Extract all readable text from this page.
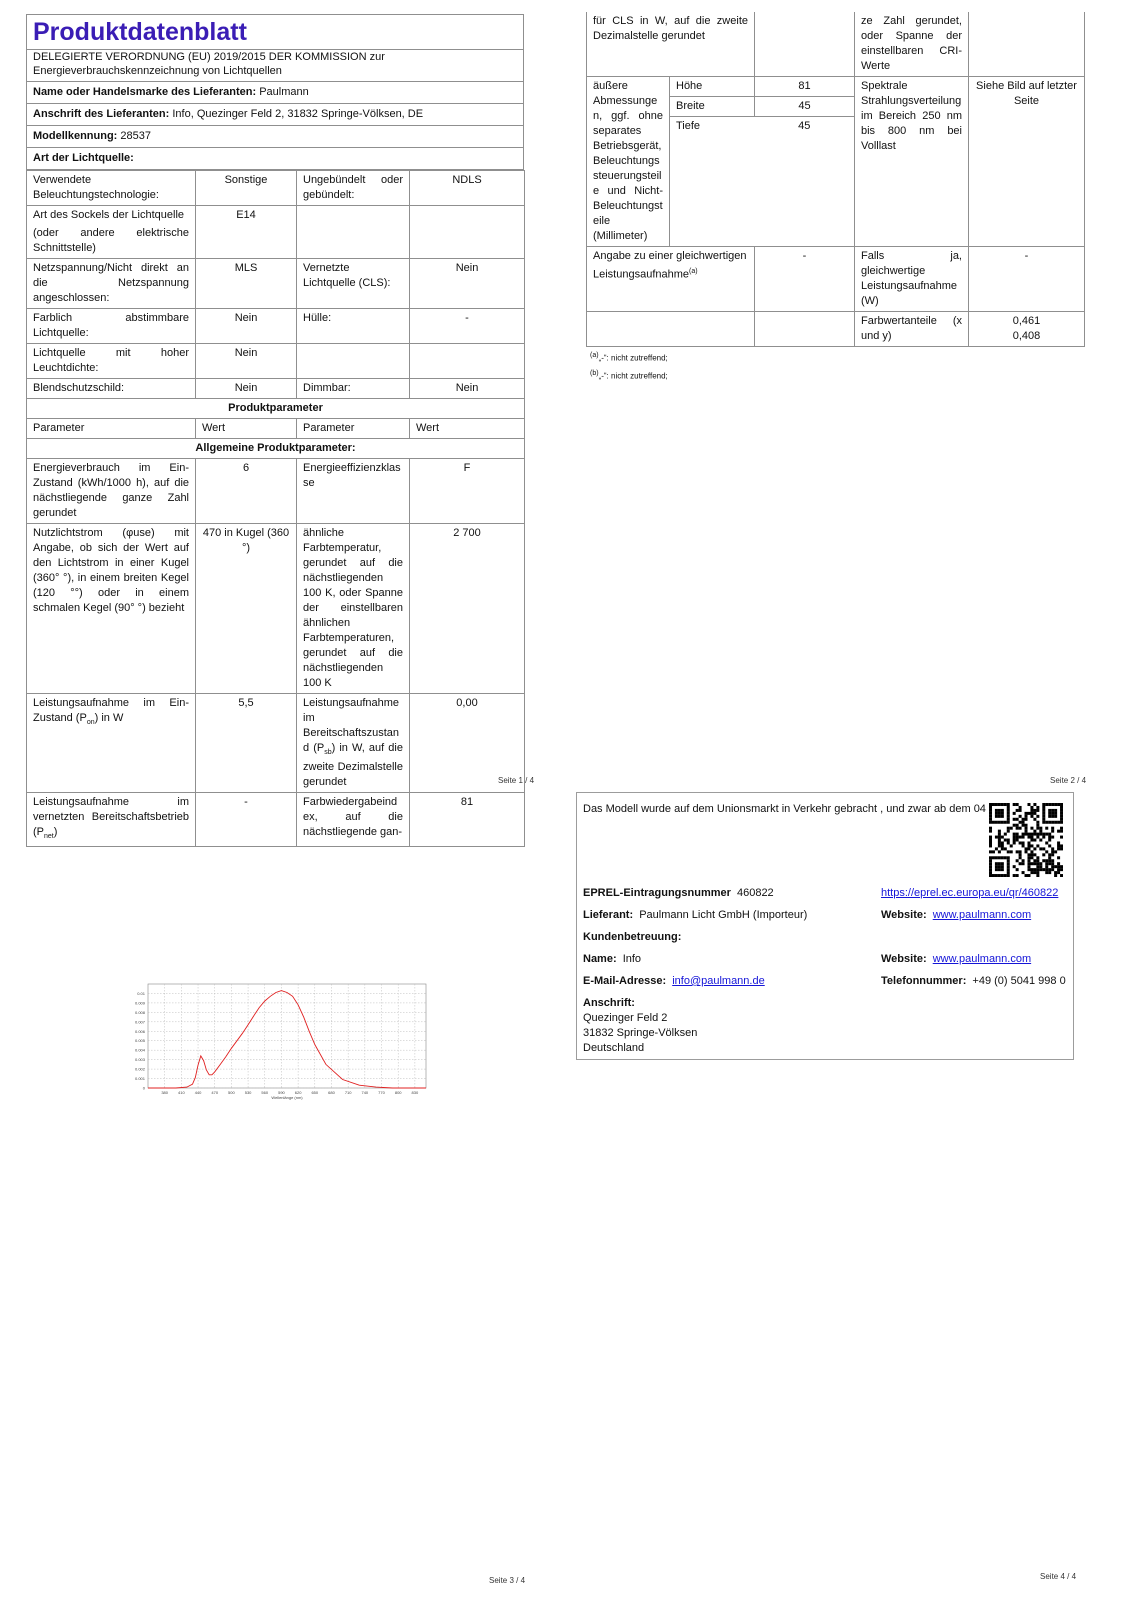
Produktdatenblatt
DELEGIERTE VERORDNUNG (EU) 2019/2015 DER KOMMISSION zur Energieverbrauchskennzeichnung von Lichtquellen
Name oder Handelsmarke des Lieferanten: Paulmann
Anschrift des Lieferanten: Info, Quezinger Feld 2, 31832 Springe-Völksen, DE
Modellkennung: 28537
Art der Lichtquelle:
Verwendete Beleuchtungstechnologie:	Sonstige	Ungebündelt oder gebündelt:	NDLS

Art des Sockels der Lichtquelle
(oder andere elektrische Schnittstelle)	E14		
Netzspannung/Nicht direkt an die Netzspannung angeschlossen:	MLS	Vernetzte Lichtquelle (CLS):	Nein
Farblich abstimmbare Lichtquelle:	Nein	Hülle:	-
Lichtquelle mit hoher Leuchtdichte:	Nein		
Blendschutzschild:	Nein	Dimmbar:	Nein
Produktparameter			
Parameter	Wert	Parameter	Wert
Allgemeine Produktparameter:			
Energieverbrauch im Ein-Zustand (kWh/1000 h), auf die nächstliegende ganze Zahl gerundet	6	Energieeffizienzklasse	F
Nutzlichtstrom (φuse) mit Angabe, ob sich der Wert auf den Lichtstrom in einer Kugel (360° °), in einem breiten Kegel (120 °°) oder in einem schmalen Kegel (90° °) bezieht	470 in Kugel (360 °)	ähnliche Farbtemperatur, gerundet auf die nächstliegenden 100 K, oder Spanne der einstellbaren ähnlichen Farbtemperaturen, gerundet auf die nächstliegenden 100 K	2 700
Leistungsaufnahme im Ein-Zustand $(P_{on})$ in W	5,5	Leistungsaufnahme im Bereitschaftszustand $(P_{sb})$ in W, auf die zweite Dezimalstelle gerundet	0,00
Leistungsaufnahme im vernetzten Bereitschaftsbetrieb $(P_{net})$	-	Farbwiedergabeindex, auf die nächstliegende gan-	81
Seite 1 / 4
für CLS in W, auf die zweite Dezimalstelle gerundet			ze Zahl gerundet, oder Spanne der einstellbaren CRI-Werte	
äußere Abmessungen, ggf. ohne separates Betriebsgerät, Beleuchtungssteuerungsteile und Nicht-Beleuchtungsteile (Millimeter)	Höhe	81	Spektrale Strahlungsverteilung im Bereich 250 nm bis 800 nm bei Volllast	Siehe Bild auf letzter Seite
	Breite	45		
	Tiefe	45		
Angabe zu einer gleichwertigen Leistungsaufnahme$^{(a)}$		-	Falls ja, gleichwertige Leistungsaufnahme (W)	-
			Farbwertanteile (x und y)	0,461
0,408
$^{(a)}$„-“: nicht zutreffend;
$^{(b)}$„-“: nicht zutreffend;
Seite 2 / 4
0.01
0.009
0.008
0.007
0.006
0.005
0.004
0.003
0.002
0.001
0
380 410 440 470 500 530 560 590 620 650 680 710 740 770 800 830
Wellenlänge (nm)
Seite 3 / 4
Das Modell wurde auf dem Unionsmarkt in Verkehr gebracht , und zwar ab dem 04
EPREL-Eintragungsnummer 460822	https://eprel.ec.europa.eu/qr/460822
Lieferant: Paulmann Licht GmbH (Importeur)	Website: www.paulmann.com
Kundenbetreuung:
Name: Info	Website: www.paulmann.com
E-Mail-Adresse: info@paulmann.de	Telefonnummer: +49 (0) 5041 998 0
Anschrift:
Quezinger Feld 2
31832 Springe-Völksen
Deutschland
Seite 4 / 4
